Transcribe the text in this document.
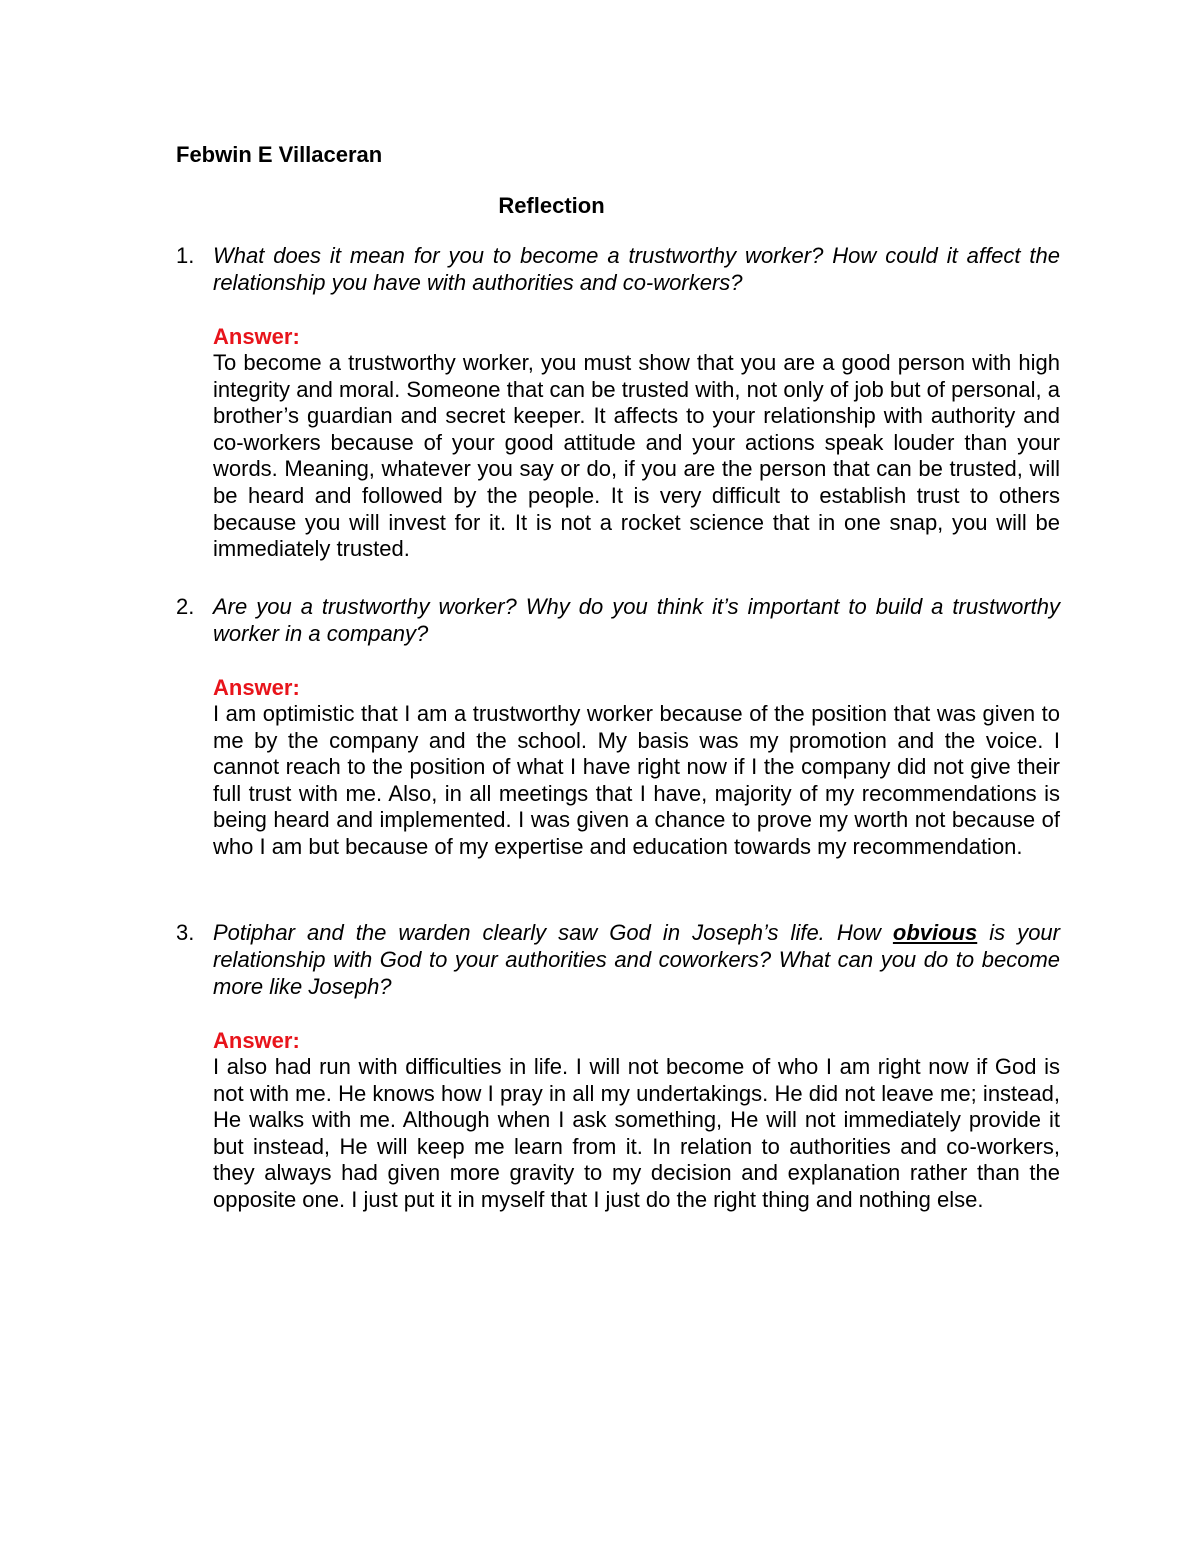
Febwin E Villaceran
Reflection
1. What does it mean for you to become a trustworthy worker? How could it affect the relationship you have with authorities and co-workers?
Answer:
To become a trustworthy worker, you must show that you are a good person with high integrity and moral. Someone that can be trusted with, not only of job but of personal, a brother’s guardian and secret keeper. It affects to your relationship with authority and co-workers because of your good attitude and your actions speak louder than your words. Meaning, whatever you say or do, if you are the person that can be trusted, will be heard and followed by the people. It is very difficult to establish trust to others because you will invest for it. It is not a rocket science that in one snap, you will be immediately trusted.
2. Are you a trustworthy worker? Why do you think it’s important to build a trustworthy worker in a company?
Answer:
I am optimistic that I am a trustworthy worker because of the position that was given to me by the company and the school. My basis was my promotion and the voice. I cannot reach to the position of what I have right now if I the company did not give their full trust with me. Also, in all meetings that I have, majority of my recommendations is being heard and implemented. I was given a chance to prove my worth not because of who I am but because of my expertise and education towards my recommendation.
3. Potiphar and the warden clearly saw God in Joseph’s life. How obvious is your relationship with God to your authorities and coworkers? What can you do to become more like Joseph?
Answer:
I also had run with difficulties in life. I will not become of who I am right now if God is not with me. He knows how I pray in all my undertakings. He did not leave me; instead, He walks with me. Although when I ask something, He will not immediately provide it but instead, He will keep me learn from it. In relation to authorities and co-workers, they always had given more gravity to my decision and explanation rather than the opposite one. I just put it in myself that I just do the right thing and nothing else.
